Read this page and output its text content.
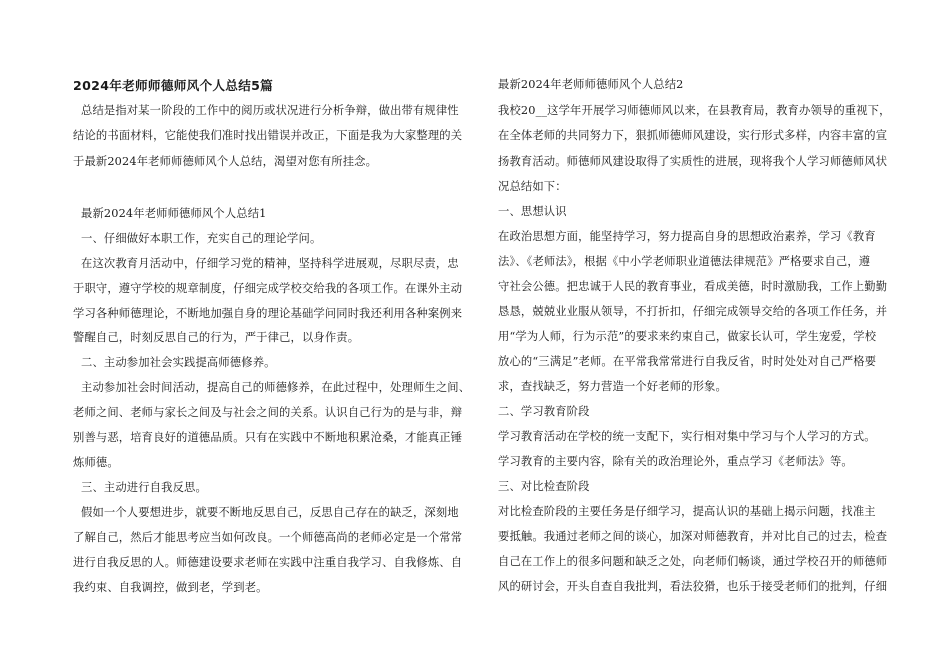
2024年老师师德师风个人总结5篇
总结是指对某一阶段的工作中的阅历或状况进行分析争辩，做出带有规律性
结论的书面材料，它能使我们准时找出错误并改正，下面是我为大家整理的关
于最新2024年老师师德师风个人总结，渴望对您有所挂念。
最新2024年老师师德师风个人总结1
一、仔细做好本职工作，充实自己的理论学问。
在这次教育月活动中，仔细学习党的精神，坚持科学进展观，尽职尽责，忠
于职守，遵守学校的规章制度，仔细完成学校交给我的各项工作。在课外主动
学习各种师德理论，不断地加强自身的理论基础学问同时我还利用各种案例来
警醒自己，时刻反思自己的行为，严于律己，以身作责。
二、主动参加社会实践提高师德修养。
主动参加社会时间活动，提高自己的师德修养，在此过程中，处理师生之间、
老师之间、老师与家长之间及与社会之间的关系。认识自己行为的是与非，辩
别善与恶，培育良好的道德品质。只有在实践中不断地积累沧桑，才能真正锤
炼师德。
三、主动进行自我反思。
假如一个人要想进步，就要不断地反思自己，反思自己存在的缺乏，深刻地
了解自己，然后才能思考应当如何改良。一个师德高尚的老师必定是一个常常
进行自我反思的人。师德建设要求老师在实践中注重自我学习、自我修炼、自
我约束、自我调控，做到老，学到老。
最新2024年老师师德师风个人总结2
我校20__这学年开展学习师德师风以来，在县教育局，教育办领导的重视下，
在全体老师的共同努力下，狠抓师德师风建设，实行形式多样，内容丰富的宣
扬教育活动。师德师风建设取得了实质性的进展，现将我个人学习师德师风状
况总结如下：
一、思想认识
在政治思想方面，能坚持学习，努力提高自身的思想政治素养，学习《教育
法》、《老师法》，根据《中小学老师职业道德法律规范》严格要求自己，遵
守社会公德。把忠诚于人民的教育事业，看成美德，时时激励我，工作上勤勤
恳恳，兢兢业业服从领导，不打折扣，仔细完成领导交给的各项工作任务，并
用“学为人师，行为示范”的要求来约束自己，做家长认可，学生宠爱，学校
放心的“三满足”老师。在平常我常常进行自我反省，时时处处对自己严格要
求，查找缺乏，努力营造一个好老师的形象。
二、学习教育阶段
学习教育活动在学校的统一支配下，实行相对集中学习与个人学习的方式。
学习教育的主要内容，除有关的政治理论外，重点学习《老师法》等。
三、对比检查阶段
对比检查阶段的主要任务是仔细学习，提高认识的基础上揭示问题，找准主
要抵触。我通过老师之间的谈心，加深对师德教育，并对比自己的过去，检查
自己在工作上的很多问题和缺乏之处，向老师们畅谈，通过学校召开的师德师
风的研讨会，开头自查自我批判，看法狡猾，也乐于接受老师们的批判，仔细
